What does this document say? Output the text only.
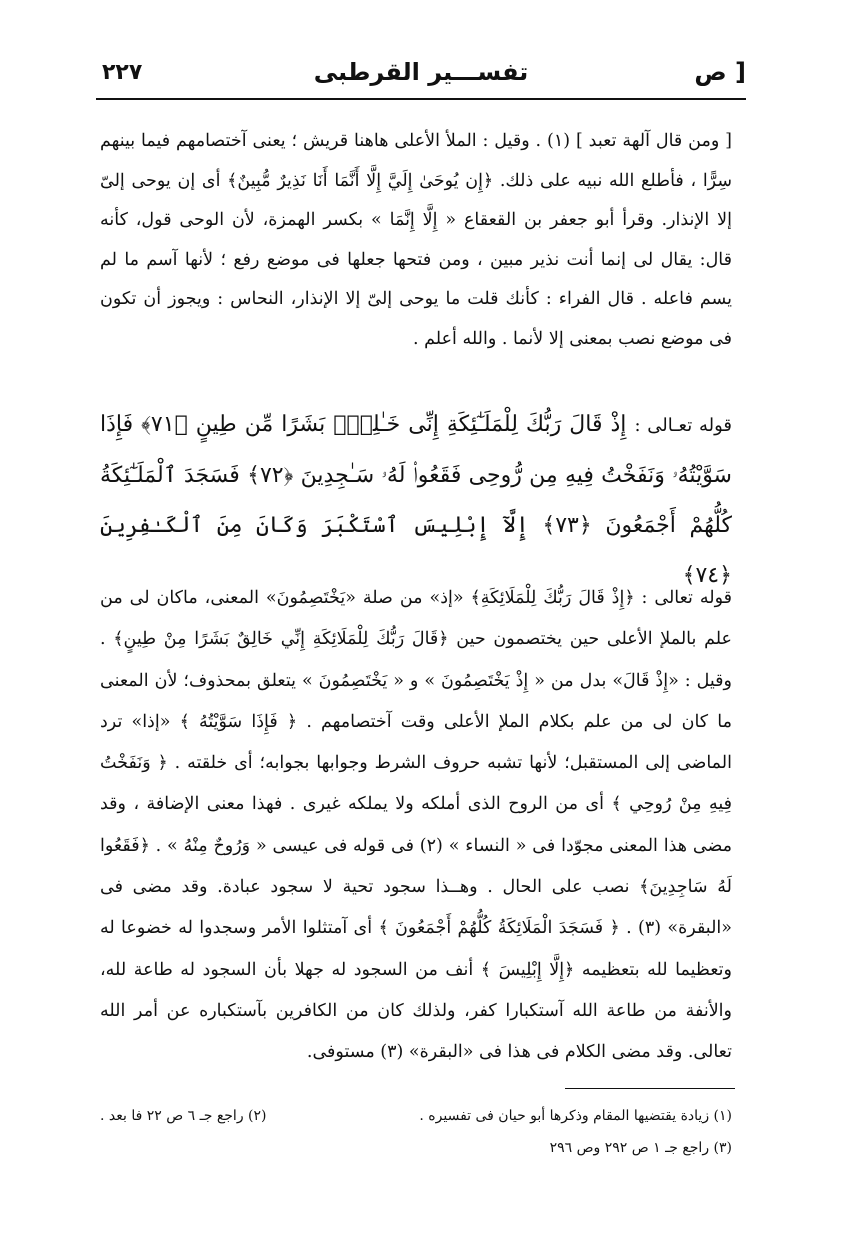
٢٢٧	تفســـير القرطبى	ص ]

[ ومن قال آلهة تعبد ] (١) . وقيل : الملأ الأعلى هاهنا قريش ؛ يعنى آختصامهم فيما بينهم سِرًّا ، فأطلع الله نبيه على ذلك. ﴿إِن يُوحَىٰ إِلَيَّ إِلَّا أَنَّمَا أَنَا نَذِيرٌ مُّبِينٌ﴾ أى إن يوحى إلىّ إلا الإنذار. وقرأ أبو جعفر بن القعقاع « إِلَّا إِنَّمَا » بكسر الهمزة، لأن الوحى قول، كأنه قال: يقال لى إنما أنت نذير مبين ، ومن فتحها جعلها فى موضع رفع ؛ لأنها آسم ما لم يسم فاعله . قال الفراء : كأنك قلت ما يوحى إلىّ إلا الإنذار، النحاس : ويجوز أن تكون فى موضع نصب بمعنى إلا لأنما . والله أعلم .

قوله تعـالى : إِذْ قَالَ رَبُّكَ لِلْمَلَـٰٓئِكَةِ إِنِّى خَـٰلِقٌۢ بَشَرًا مِّن طِينٍ ﴿٧١﴾ فَإِذَا سَوَّيْتُهُۥ وَنَفَخْتُ فِيهِ مِن رُّوحِى فَقَعُوا۟ لَهُۥ سَـٰجِدِينَ ﴿٧٢﴾ فَسَجَدَ ٱلْمَلَـٰٓئِكَةُ كُلُّهُمْ أَجْمَعُونَ ﴿٧٣﴾ إِلَّآ إِبْلِيسَ ٱسْتَكْبَرَ وَكَانَ مِنَ ٱلْكَـٰفِرِينَ ﴿٧٤﴾

قوله تعالى : ﴿إِذْ قَالَ رَبُّكَ لِلْمَلَائِكَةِ﴾ «إذ» من صلة «يَخْتَصِمُونَ» المعنى، ماكان لى من علم بالملإ الأعلى حين يختصمون حين ﴿قَالَ رَبُّكَ لِلْمَلَائِكَةِ إِنِّي خَالِقٌ بَشَرًا مِنْ طِينٍ﴾ . وقيل : «إِذْ قَالَ» بدل من « إِذْ يَخْتَصِمُونَ » و « يَخْتَصِمُونَ » يتعلق بمحذوف؛ لأن المعنى ما كان لى من علم بكلام الملإ الأعلى وقت آختصامهم . ﴿ فَإِذَا سَوَّيْتُهُ ﴾ «إذا» ترد الماضى إلى المستقبل؛ لأنها تشبه حروف الشرط وجوابها بجوابه؛ أى خلقته . ﴿ وَنَفَخْتُ فِيهِ مِنْ رُوحِي ﴾ أى من الروح الذى أملكه ولا يملكه غيرى . فهذا معنى الإضافة ، وقد مضى هذا المعنى مجوّدا فى « النساء » (٢) فى قوله فى عيسى « وَرُوحٌ مِنْهُ » . ﴿فَقَعُوا لَهُ سَاجِدِينَ﴾ نصب على الحال . وهــذا سجود تحية لا سجود عبادة. وقد مضى فى «البقرة» (٣) . ﴿ فَسَجَدَ الْمَلَائِكَةُ كُلُّهُمْ أَجْمَعُونَ ﴾ أى آمتثلوا الأمر وسجدوا له خضوعا له وتعظيما لله بتعظيمه ﴿إِلَّا إِبْلِيسَ ﴾ أنف من السجود له جهلا بأن السجود له طاعة لله، والأنفة من طاعة الله آستكبارا كفر، ولذلك كان من الكافرين بآستكباره عن أمر الله تعالى. وقد مضى الكلام فى هذا فى «البقرة» (٣) مستوفى.

(١) زيادة يقتضيها المقام وذكرها أبو حيان فى تفسيره .
(٢) راجع جـ ٦ ص ٢٢ فا بعد .
(٣) راجع جـ ١ ص ٢٩٢ وص ٢٩٦
